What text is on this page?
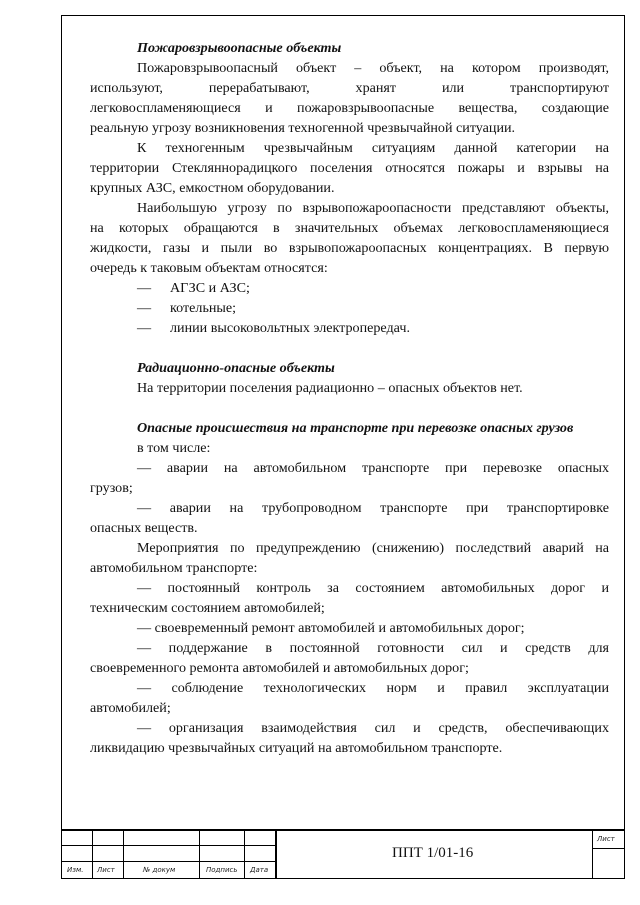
Пожаровзрывоопасные объекты
Пожаровзрывоопасный объект – объект, на котором производят,
используют, перерабатывают, хранят или транспортируют
легковоспламеняющиеся и пожаровзрывоопасные вещества, создающие
реальную угрозу возникновения техногенной чрезвычайной ситуации.
К техногенным чрезвычайным ситуациям данной категории на
территории Стекляннорадицкого поселения относятся пожары и взрывы на
крупных АЗС, емкостном оборудовании.
Наибольшую угрозу по взрывопожароопасности представляют объекты,
на которых обращаются в значительных объемах легковоспламеняющиеся
жидкости, газы и пыли во взрывопожароопасных концентрациях. В первую
очередь к таковым объектам относятся:
— АГЗС и АЗС;
— котельные;
— линии высоковольтных электропередач.
Радиационно-опасные объекты
На территории поселения радиационно – опасных объектов нет.
Опасные происшествия на транспорте при перевозке опасных грузов
в том числе:
— аварии на автомобильном транспорте при перевозке опасных
грузов;
— аварии на трубопроводном транспорте при транспортировке
опасных веществ.
Мероприятия по предупреждению (снижению) последствий аварий на
автомобильном транспорте:
— постоянный контроль за состоянием автомобильных дорог и
техническим состоянием автомобилей;
— своевременный ремонт автомобилей и автомобильных дорог;
— поддержание в постоянной готовности сил и средств для
своевременного ремонта автомобилей и автомобильных дорог;
— соблюдение технологических норм и правил эксплуатации
автомобилей;
— организация взаимодействия сил и средств, обеспечивающих
ликвидацию чрезвычайных ситуаций на автомобильном транспорте.
Изм. Лист	№ докум	Подпись Дата
Лист
ППТ 1/01-16
